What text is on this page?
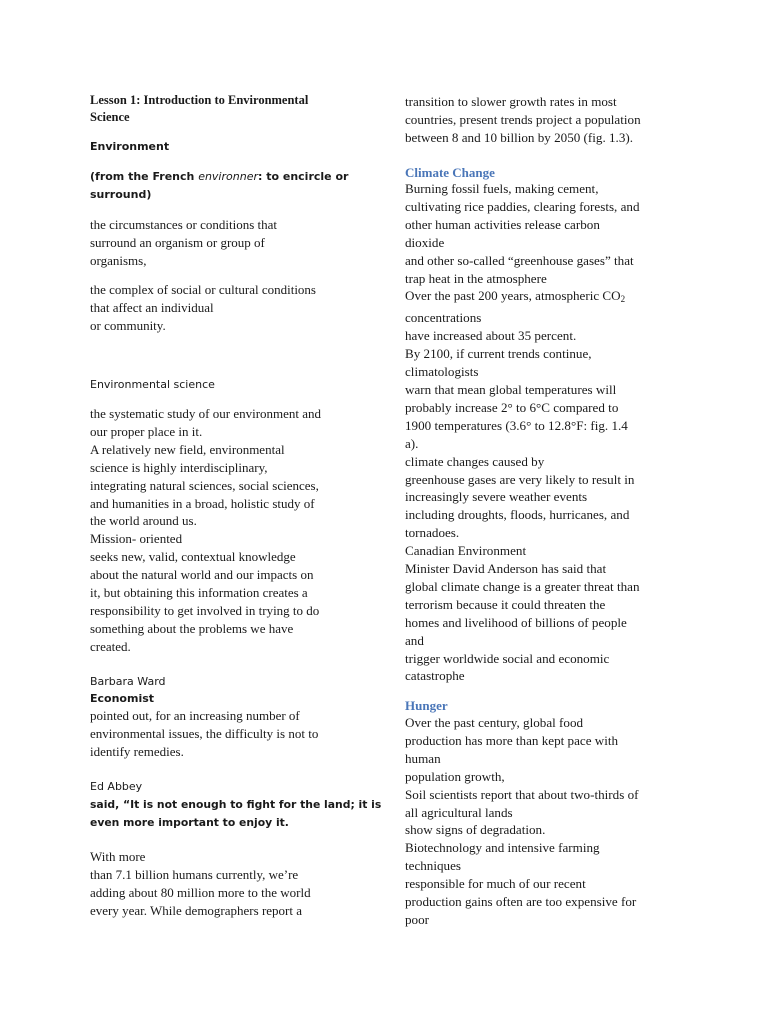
Lesson 1: Introduction to Environmental
Science
Environment
(from the French environner: to encircle or
surround)
the circumstances or conditions that
surround an organism or group of
organisms,
the complex of social or cultural conditions
that affect an individual
or community.
Environmental science
the systematic study of our environment and
our proper place in it.
A relatively new field, environmental
science is highly interdisciplinary,
integrating natural sciences, social sciences,
and humanities in a broad, holistic study of
the world around us.
Mission- oriented
seeks new, valid, contextual knowledge
about the natural world and our impacts on
it, but obtaining this information creates a
responsibility to get involved in trying to do
something about the problems we have
created.
Barbara Ward
Economist
pointed out, for an increasing number of
environmental issues, the difficulty is not to
identify remedies.
Ed Abbey
said, “It is not enough to fight for the land; it is
even more important to enjoy it.
With more
than 7.1 billion humans currently, we’re
adding about 80 million more to the world
every year. While demographers report a
transition to slower growth rates in most
countries, present trends project a population
between 8 and 10 billion by 2050 (fig. 1.3).
Climate Change
Burning fossil fuels, making cement,
cultivating rice paddies, clearing forests, and
other human activities release carbon
dioxide
and other so-called “greenhouse gases” that
trap heat in the atmosphere
Over the past 200 years, atmospheric $CO_2$
concentrations
have increased about 35 percent.
By 2100, if current trends continue,
climatologists
warn that mean global temperatures will
probably increase 2° to 6°C compared to
1900 temperatures (3.6° to 12.8°F: fig. 1.4
a).
climate changes caused by
greenhouse gases are very likely to result in
increasingly severe weather events
including droughts, floods, hurricanes, and
tornadoes.
Canadian Environment
Minister David Anderson has said that
global climate change is a greater threat than
terrorism because it could threaten the
homes and livelihood of billions of people
and
trigger worldwide social and economic
catastrophe
Hunger
Over the past century, global food
production has more than kept pace with
human
population growth,
Soil scientists report that about two-thirds of
all agricultural lands
show signs of degradation.
Biotechnology and intensive farming
techniques
responsible for much of our recent
production gains often are too expensive for
poor
